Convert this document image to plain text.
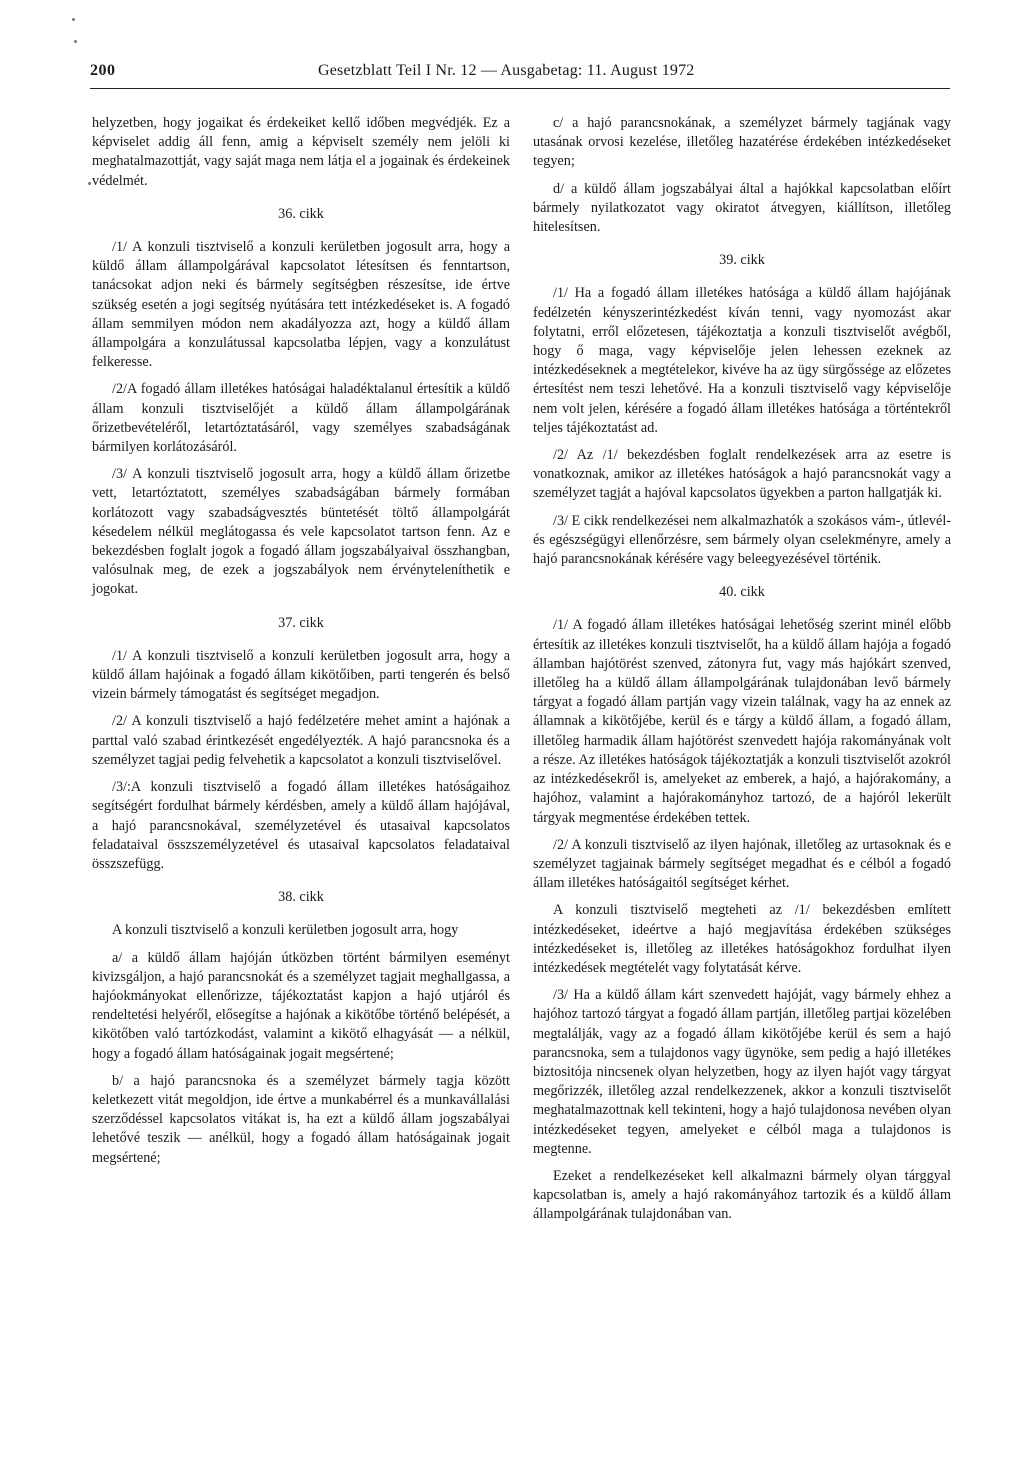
200	Gesetzblatt Teil I Nr. 12 — Ausgabetag: 11. August 1972

helyzetben, hogy jogaikat és érdekeiket kellő időben megvédjék. Ez a képviselet addig áll fenn, amig a képviselt személy nem jelöli ki meghatalmazottját, vagy saját maga nem látja el a jogainak és érdekeinek védelmét.

36. cikk

/1/ A konzuli tisztviselő a konzuli kerületben jogosult arra, hogy a küldő állam állampolgárával kapcsolatot létesítsen és fenntartson, tanácsokat adjon neki és bármely segítségben részesítse, ide értve szükség esetén a jogi segítség nyútására tett intézkedéseket is. A fogadó állam semmilyen módon nem akadályozza azt, hogy a küldő állam állampolgára a konzulátussal kapcsolatba lépjen, vagy a konzulátust felkeresse.

/2/A fogadó állam illetékes hatóságai haladéktalanul értesítik a küldő állam konzuli tisztviselőjét a küldő állam állampolgárának őrizetbevételéről, letartóztatásáról, vagy személyes szabadságának bármilyen korlátozásáról.

/3/ A konzuli tisztviselő jogosult arra, hogy a küldő állam őrizetbe vett, letartóztatott, személyes szabadságában bármely formában korlátozott vagy szabadságvesztés büntetését töltő állampolgárát késedelem nélkül meglátogassa és vele kapcsolatot tartson fenn. Az e bekezdésben foglalt jogok a fogadó állam jogszabályaival összhangban, valósulnak meg, de ezek a jogszabályok nem érvényteleníthetik e jogokat.

37. cikk

/1/ A konzuli tisztviselő a konzuli kerületben jogosult arra, hogy a küldő állam hajóinak a fogadó állam kikötőiben, parti tengerén és belső vizein bármely támogatást és segítséget megadjon.

/2/ A konzuli tisztviselő a hajó fedélzetére mehet amint a hajónak a parttal való szabad érintkezését engedélyezték. A hajó parancsnoka és a személyzet tagjai pedig felvehetik a kapcsolatot a konzuli tisztviselővel.

/3/:A konzuli tisztviselő a fogadó állam illetékes hatóságaihoz segítségért fordulhat bármely kérdésben, amely a küldő állam hajójával, a hajó parancsnokával, személyzetével és utasaival kapcsolatos feladataival összszemélyzetével és utasaival kapcsolatos feladataival összszefügg.

38. cikk

A konzuli tisztviselő a konzuli kerületben jogosult arra, hogy

a/ a küldő állam hajóján útközben történt bármilyen eseményt kivizsgáljon, a hajó parancsnokát és a személyzet tagjait meghallgassa, a hajóokmányokat ellenőrizze, tájékoztatást kapjon a hajó utjáról és rendeltetési helyéről, elősegítse a hajónak a kikötőbe történő belépését, a kikötőben való tartózkodást, valamint a kikötő elhagyását — a nélkül, hogy a fogadó állam hatóságainak jogait megsértené;

b/ a hajó parancsnoka és a személyzet bármely tagja között keletkezett vitát megoldjon, ide értve a munkabérrel és a munkavállalási szerződéssel kapcsolatos vitákat is, ha ezt a küldő állam jogszabályai lehetővé teszik — anélkül, hogy a fogadó állam hatóságainak jogait megsértené;

c/ a hajó parancsnokának, a személyzet bármely tagjának vagy utasának orvosi kezelése, illetőleg hazatérése érdekében intézkedéseket tegyen;

d/ a küldő állam jogszabályai által a hajókkal kapcsolatban előírt bármely nyilatkozatot vagy okiratot átvegyen, kiállítson, illetőleg hitelesítsen.

39. cikk

/1/ Ha a fogadó állam illetékes hatósága a küldő állam hajójának fedélzetén kényszerintézkedést kíván tenni, vagy nyomozást akar folytatni, erről előzetesen, tájékoztatja a konzuli tisztviselőt avégből, hogy ő maga, vagy képviselője jelen lehessen ezeknek az intézkedéseknek a megtételekor, kivéve ha az ügy sürgőssége az előzetes értesítést nem teszi lehetővé. Ha a konzuli tisztviselő vagy képviselője nem volt jelen, kérésére a fogadó állam illetékes hatósága a történtekről teljes tájékoztatást ad.

/2/ Az /1/ bekezdésben foglalt rendelkezések arra az esetre is vonatkoznak, amikor az illetékes hatóságok a hajó parancsnokát vagy a személyzet tagját a hajóval kapcsolatos ügyekben a parton hallgatják ki.

/3/ E cikk rendelkezései nem alkalmazhatók a szokásos vám-, útlevél- és egészségügyi ellenőrzésre, sem bármely olyan cselekményre, amely a hajó parancsnokának kérésére vagy beleegyezésével történik.

40. cikk

/1/ A fogadó állam illetékes hatóságai lehetőség szerint minél előbb értesítik az illetékes konzuli tisztviselőt, ha a küldő állam hajója a fogadó államban hajótörést szenved, zátonyra fut, vagy más hajókárt szenved, illetőleg ha a küldő állam állampolgárának tulajdonában levő bármely tárgyat a fogadó állam partján vagy vizein találnak, vagy ha az ennek az államnak a kikötőjébe, kerül és e tárgy a küldő állam, a fogadó állam, illetőleg harmadik állam hajótörést szenvedett hajója rakományának volt a része. Az illetékes hatóságok tájékoztatják a konzuli tisztviselőt azokról az intézkedésekről is, amelyeket az emberek, a hajó, a hajórakomány, a hajóhoz, valamint a hajórakományhoz tartozó, de a hajóról lekerült tárgyak megmentése érdekében tettek.

/2/ A konzuli tisztviselő az ilyen hajónak, illetőleg az urtasoknak és e személyzet tagjainak bármely segítséget megadhat és e célból a fogadó állam illetékes hatóságaitól segítséget kérhet.

A konzuli tisztviselő megteheti az /1/ bekezdésben említett intézkedéseket, ideértve a hajó megjavítása érdekében szükséges intézkedéseket is, illetőleg az illetékes hatóságokhoz fordulhat ilyen intézkedések megtételét vagy folytatását kérve.

/3/ Ha a küldő állam kárt szenvedett hajóját, vagy bármely ehhez a hajóhoz tartozó tárgyat a fogadó állam partján, illetőleg partjai közelében megtalálják, vagy az a fogadó állam kikötőjébe kerül és sem a hajó parancsnoka, sem a tulajdonos vagy ügynöke, sem pedig a hajó illetékes biztositója nincsenek olyan helyzetben, hogy az ilyen hajót vagy tárgyat megőrizzék, illetőleg azzal rendelkezzenek, akkor a konzuli tisztviselőt meghatalmazottnak kell tekinteni, hogy a hajó tulajdonosa nevében olyan intézkedéseket tegyen, amelyeket e célból maga a tulajdonos is megtenne.

Ezeket a rendelkezéseket kell alkalmazni bármely olyan tárggyal kapcsolatban is, amely a hajó rakományához tartozik és a küldő állam állampolgárának tulajdonában van.
